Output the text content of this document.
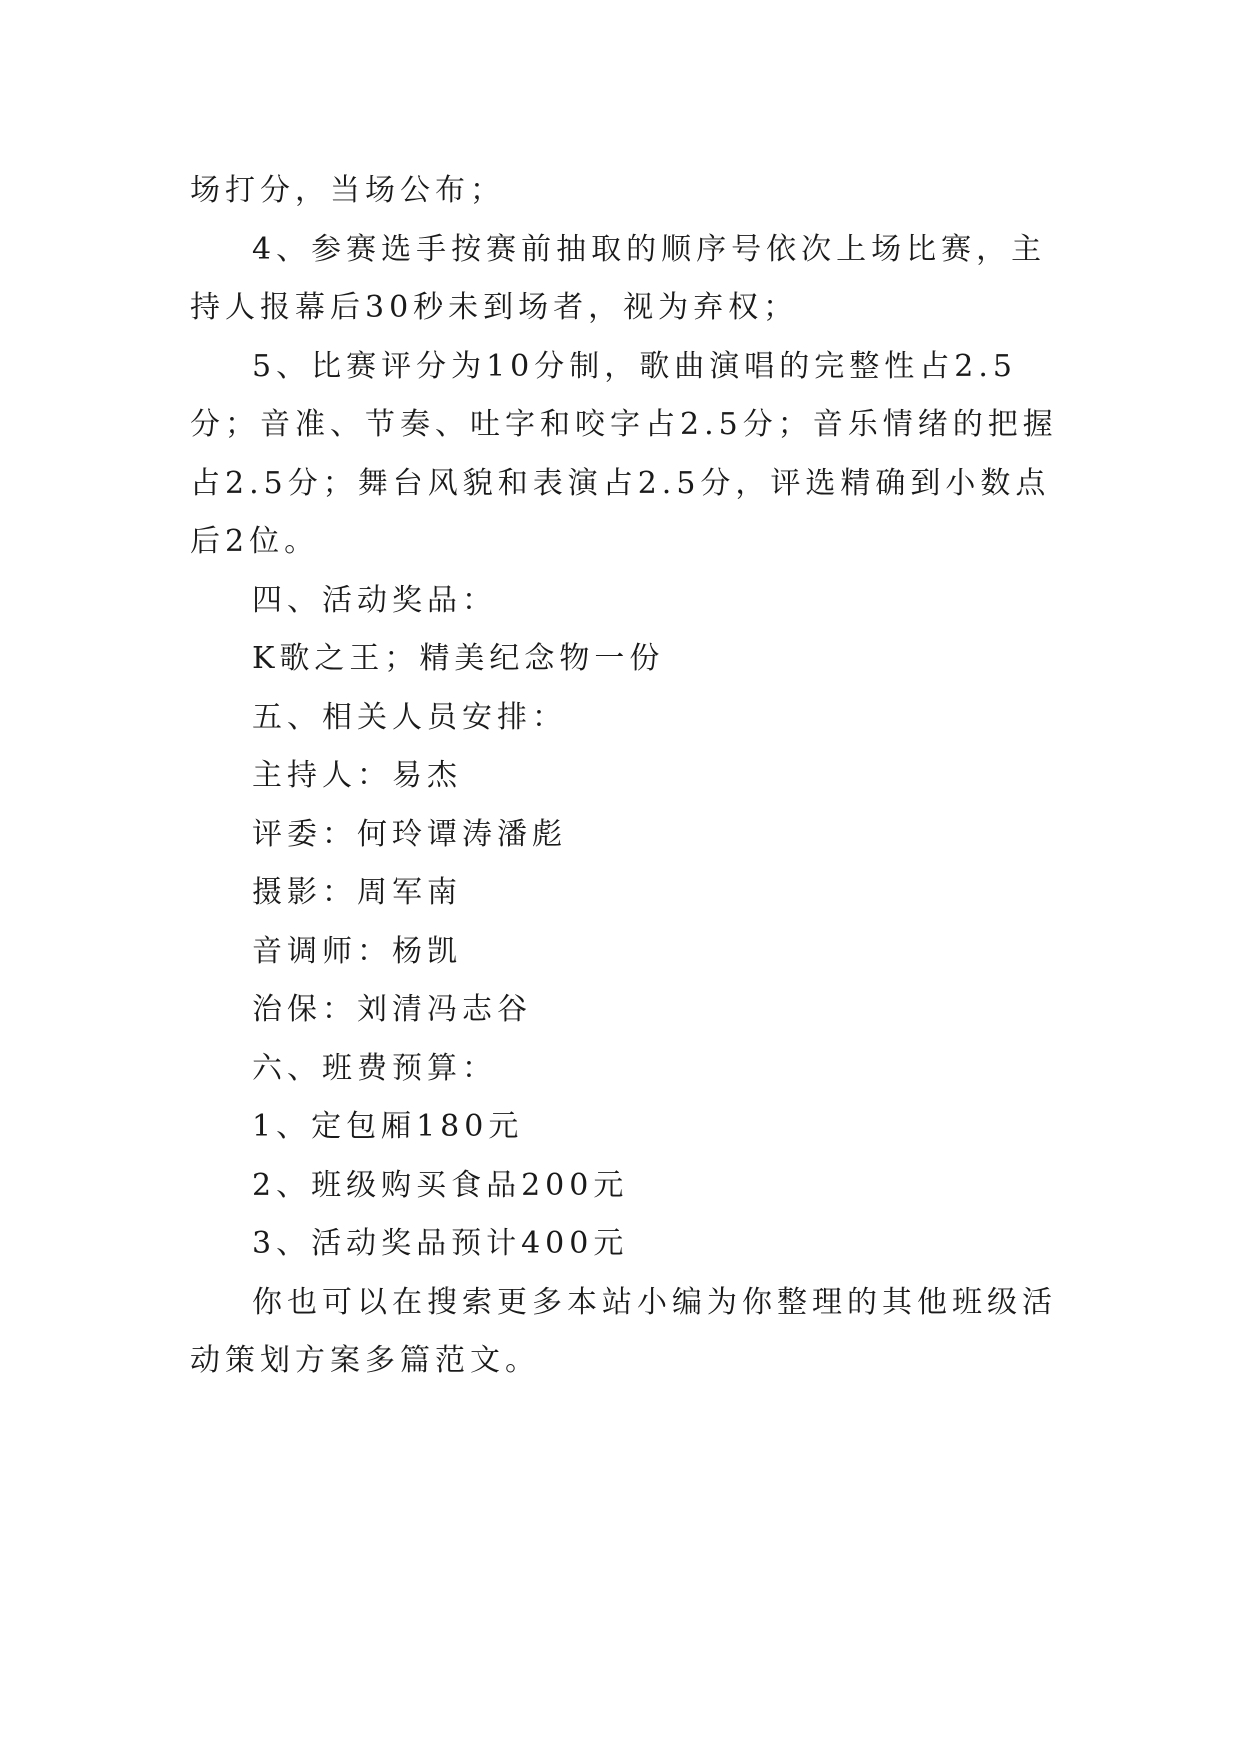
场打分，当场公布；

4、参赛选手按赛前抽取的顺序号依次上场比赛，主持人报幕后30秒未到场者，视为弃权；

5、比赛评分为10分制，歌曲演唱的完整性占2.5分；音准、节奏、吐字和咬字占2.5分；音乐情绪的把握占2.5分；舞台风貌和表演占2.5分，评选精确到小数点后2位。

四、活动奖品：

K歌之王；精美纪念物一份

五、相关人员安排：

主持人：易杰

评委：何玲谭涛潘彪

摄影：周军南

音调师：杨凯

治保：刘清冯志谷

六、班费预算：

1、定包厢180元

2、班级购买食品200元

3、活动奖品预计400元

你也可以在搜索更多本站小编为你整理的其他班级活动策划方案多篇范文。
